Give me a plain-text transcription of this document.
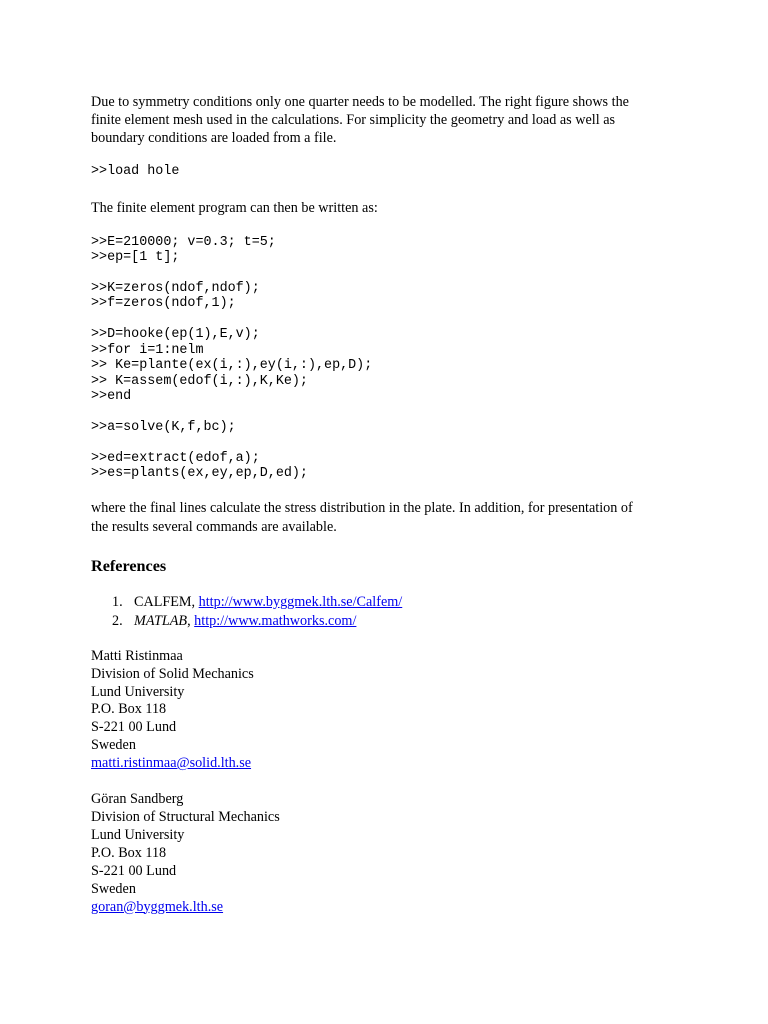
Due to symmetry conditions only one quarter needs to be modelled. The right figure shows the
finite element mesh used in the calculations. For simplicity the geometry and load as well as
boundary conditions are loaded from a file.

>>load hole

The finite element program can then be written as:

>>E=210000; v=0.3; t=5;
>>ep=[1 t];
>>K=zeros(ndof,ndof);
>>f=zeros(ndof,1);
>>D=hooke(ep(1),E,v);
>>for i=1:nelm
>> Ke=plante(ex(i,:),ey(i,:),ep,D);
>> K=assem(edof(i,:),K,Ke);
>>end
>>a=solve(K,f,bc);
>>ed=extract(edof,a);
>>es=plants(ex,ey,ep,D,ed);

where the final lines calculate the stress distribution in the plate. In addition, for presentation of
the results several commands are available.

References
1. CALFEM, http://www.byggmek.lth.se/Calfem/
2. MATLAB, http://www.mathworks.com/
Matti Ristinmaa
Division of Solid Mechanics
Lund University
P.O. Box 118
S-221 00 Lund
Sweden
matti.ristinmaa@solid.lth.se
Göran Sandberg
Division of Structural Mechanics
Lund University
P.O. Box 118
S-221 00 Lund
Sweden
goran@byggmek.lth.se
